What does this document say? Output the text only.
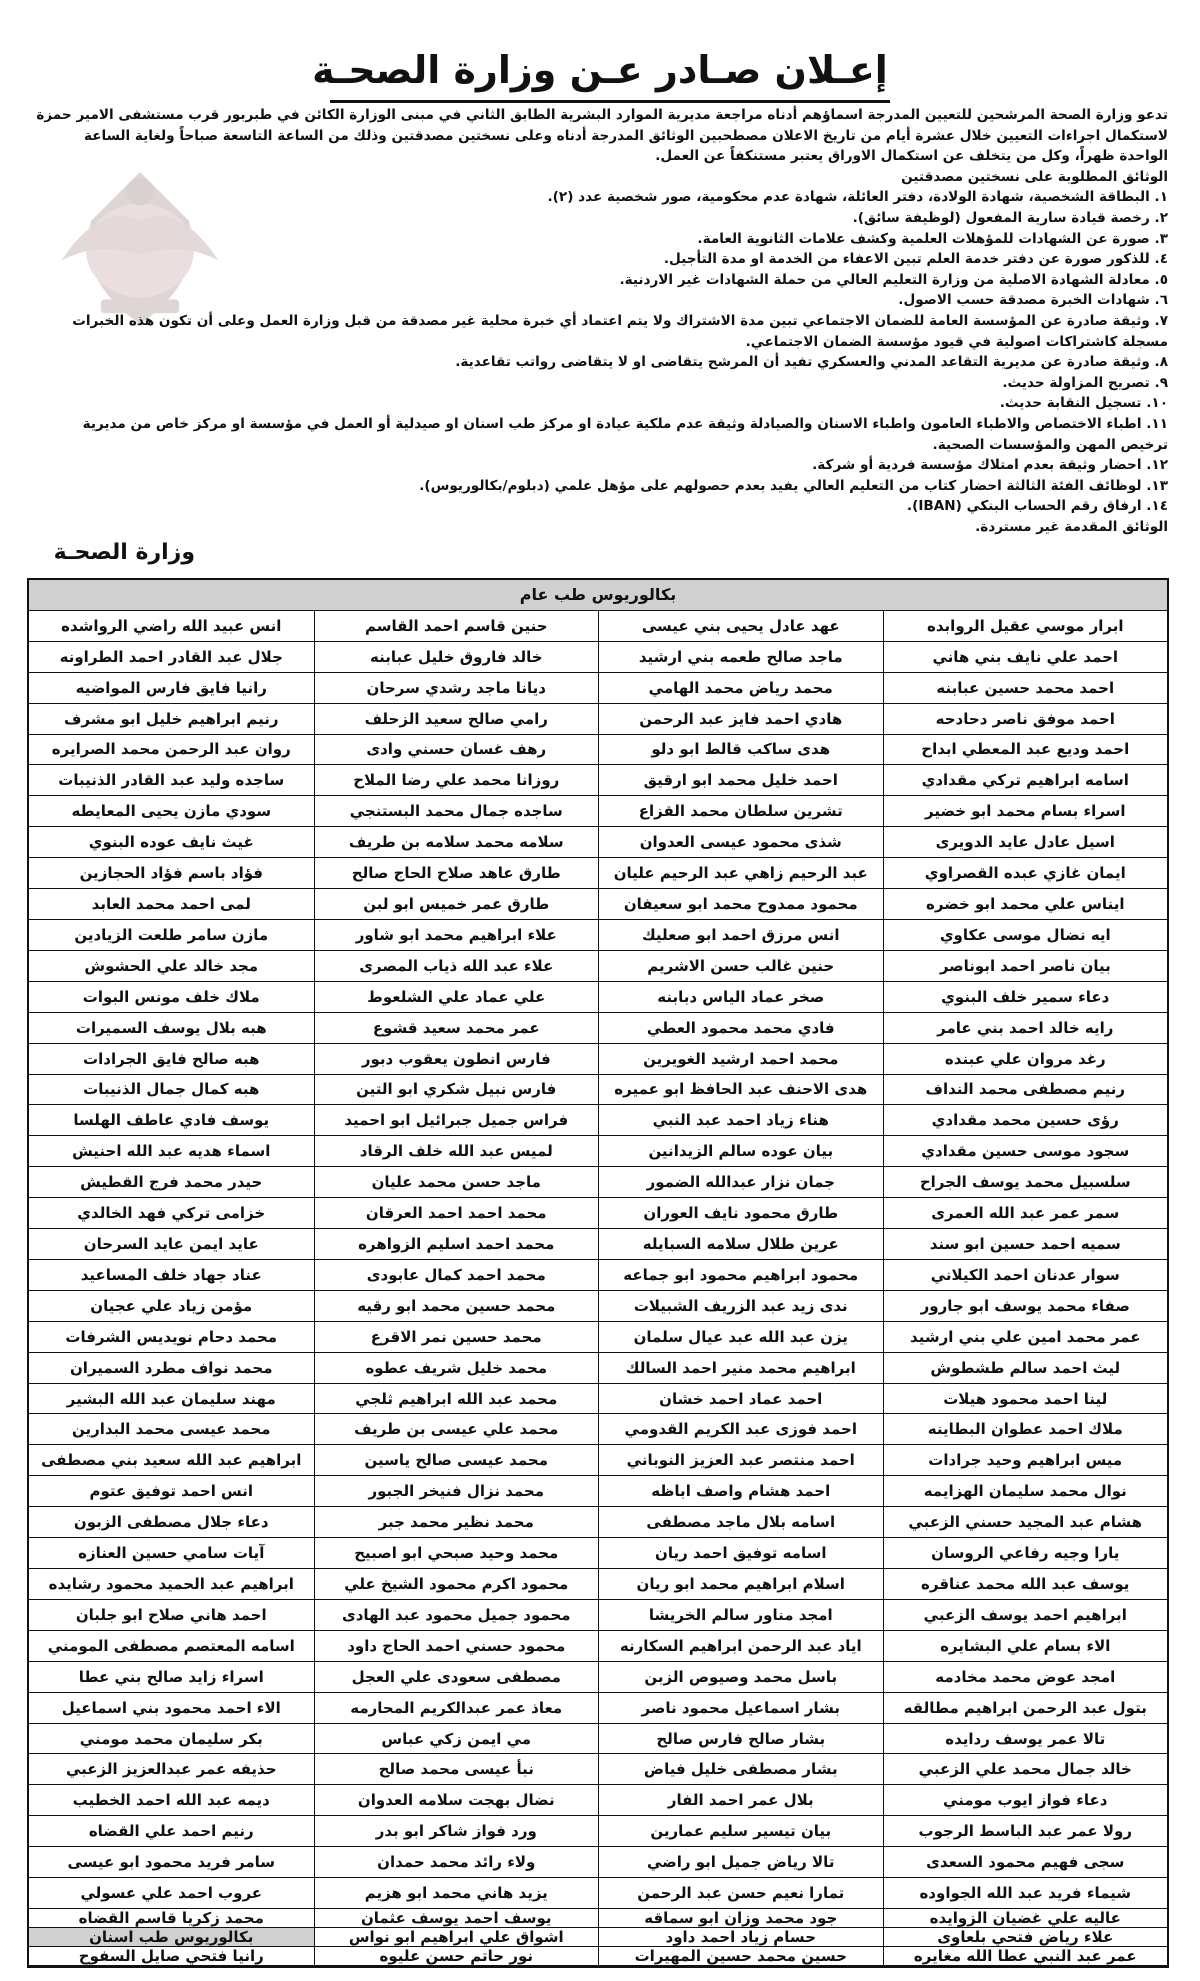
إعـلان صـادر عـن وزارة الصحـة

تدعو وزارة الصحة المرشحين للتعيين المدرجة اسماؤهم أدناه مراجعة مديرية الموارد البشرية الطابق الثاني في مبنى الوزارة الكائن في طبربور قرب مستشفى الامير حمزة

لاستكمال اجراءات التعيين خلال عشرة أيام من تاريخ الاعلان مصطحبين الوثائق المدرجة أدناه وعلى نسختين مصدقتين وذلك من الساعة التاسعة صباحاً ولغاية الساعة

الواحدة ظهراً، وكل من يتخلف عن استكمال الاوراق يعتبر مستنكفاً عن العمل.

الوثائق المطلوبة على نسختين مصدقتين

١. البطاقة الشخصية، شهادة الولادة، دفتر العائلة، شهادة عدم محكومية، صور شخصية عدد (٢).

٢. رخصة قيادة سارية المفعول (لوظيفة سائق).

٣. صورة عن الشهادات للمؤهلات العلمية وكشف علامات الثانوية العامة.

٤. للذكور صورة عن دفتر خدمة العلم تبين الاعفاء من الخدمة او مدة التأجيل.

٥. معادلة الشهادة الاصلية من وزارة التعليم العالي من حملة الشهادات غير الاردنية.

٦. شهادات الخبرة مصدقة حسب الاصول.

٧. وثيقة صادرة عن المؤسسة العامة للضمان الاجتماعي تبين مدة الاشتراك ولا يتم اعتماد أي خبرة محلية غير مصدقة من قبل وزارة العمل وعلى أن تكون هذه الخبرات

مسجلة كاشتراكات اصولية في قيود مؤسسة الضمان الاجتماعي.

٨. وثيقة صادرة عن مديرية التقاعد المدني والعسكري تفيد أن المرشح يتقاضى او لا يتقاضى رواتب تقاعدية.

٩. تصريح المزاولة حديث.

١٠. تسجيل النقابة حديث.

١١. اطباء الاختصاص والاطباء العامون واطباء الاسنان والصيادلة وثيقة عدم ملكية عيادة او مركز طب اسنان او صيدلية أو العمل في مؤسسة او مركز خاص من مديرية

ترخيص المهن والمؤسسات الصحية.

١٢. احضار وثيقة بعدم امتلاك مؤسسة فردية أو شركة.

١٣. لوظائف الفئة الثالثة احضار كتاب من التعليم العالي يفيد بعدم حصولهم على مؤهل علمي (دبلوم/بكالوريوس).

١٤. ارفاق رقم الحساب البنكي (IBAN).

الوثائق المقدمة غير مستردة.

وزارة الصحـة
بكالوريوس طب عام
ابرار موسي عقيل الروابده
عهد عادل يحيى بني عيسى
حنين قاسم احمد القاسم
انس عبيد الله راضي الرواشده
احمد علي نايف بني هاني
ماجد صالح طعمه بني ارشيد
خالد فاروق خليل عبابنه
جلال عبد القادر احمد الطراونه
احمد محمد حسين عبابنه
محمد رياض محمد الهامي
ديانا ماجد رشدي سرحان
رانيا فايق فارس المواضيه
احمد موفق ناصر دحادحه
هادي احمد فايز عبد الرحمن
رامي صالح سعيد الزحلف
رنيم ابراهيم خليل ابو مشرف
احمد وديع عبد المعطي ابداح
هدى ساكب قالط ابو دلو
رهف غسان حسني وادى
روان عبد الرحمن محمد الصرايره
اسامه ابراهيم تركي مقدادي
احمد خليل محمد ابو ارقيق
روزانا محمد علي رضا الملاح
ساجده وليد عبد القادر الذنيبات
اسراء بسام محمد ابو خضير
تشرين سلطان محمد القزاع
ساجده جمال محمد البستنجي
سودي مازن يحيى المعايطه
اسيل عادل عايد الدويرى
شذى محمود عيسى العدوان
سلامه محمد سلامه بن طريف
غيث نايف عوده البنوي
ايمان غازي عبده القصراوي
عبد الرحيم زاهي عبد الرحيم عليان
طارق عاهد صلاح الحاج صالح
فؤاد باسم فؤاد الحجازين
ايناس علي محمد ابو خضره
محمود ممدوح محمد ابو سعيفان
طارق عمر خميس ابو لبن
لمى احمد محمد العابد
ايه نضال موسى عكاوي
انس مرزق احمد ابو صعليك
علاء ابراهيم محمد ابو شاور
مازن سامر طلعت الزيادين
بيان ناصر احمد ابوناصر
حنين غالب حسن الاشريم
علاء عبد الله ذياب المصرى
مجد خالد علي الحشوش
دعاء سمير خلف البنوي
صخر عماد الياس دبابنه
علي عماد علي الشلعوط
ملاك خلف مونس البوات
رايه خالد احمد بني عامر
فادي محمد محمود العطي
عمر محمد سعيد قشوع
هبه بلال يوسف السميرات
رغد مروان علي عبنده
محمد احمد ارشيد الغويرين
فارس انطون يعقوب دبور
هبه صالح فايق الجرادات
رنيم مصطفى محمد النداف
هدى الاحنف عبد الحافظ ابو عميره
فارس نبيل شكري ابو التين
هبه كمال جمال الذنيبات
رؤى حسين محمد مقدادي
هناء زياد احمد عبد النبي
فراس جميل جبرائيل ابو احميد
يوسف فادي عاطف الهلسا
سجود موسى حسين مقدادي
بيان عوده سالم الزيدانين
لميس عبد الله خلف الرقاد
اسماء هديه عبد الله احنيش
سلسبيل محمد يوسف الجراح
جمان نزار عبدالله الضمور
ماجد حسن محمد عليان
حيدر محمد فرج القطيش
سمر عمر عبد الله العمرى
طارق محمود نايف العوران
محمد احمد احمد العرقان
خزامى تركي فهد الخالدي
سميه احمد حسين ابو سند
عرين طلال سلامه السبايله
محمد احمد اسليم الزواهره
عايد ايمن عايد السرحان
سوار عدنان احمد الكيلاني
محمود ابراهيم محمود ابو جماعه
محمد احمد كمال عابودى
عناد جهاد خلف المساعيد
صفاء محمد يوسف ابو جارور
ندى زيد عبد الزريف الشبيلات
محمد حسين محمد ابو رقيه
مؤمن زياد علي عجيان
عمر محمد امين علي بني ارشيد
يزن عبد الله عبد عيال سلمان
محمد حسين نمر الاقرع
محمد دحام نويديس الشرفات
ليث احمد سالم طشطوش
ابراهيم محمد منير احمد السالك
محمد خليل شريف عطوه
محمد نواف مطرد السميران
لينا احمد محمود هيلات
احمد عماد احمد خشان
محمد عبد الله ابراهيم ثلجي
مهند سليمان عبد الله البشير
ملاك احمد عطوان البطاينه
احمد فوزى عبد الكريم القدومي
محمد علي عيسى بن طريف
محمد عيسى محمد البدارين
ميس ابراهيم وحيد جرادات
احمد منتصر عبد العزيز النوباني
محمد عيسى صالح ياسين
ابراهيم عبد الله سعيد بني مصطفى
نوال محمد سليمان الهزايمه
احمد هشام واصف اباظه
محمد نزال فنيخر الجبور
انس احمد توفيق عتوم
هشام عبد المجيد حسني الزعبي
اسامه بلال ماجد مصطفى
محمد نظير محمد جبر
دعاء جلال مصطفى الزبون
يارا وجيه رفاعي الروسان
اسامه توفيق احمد ريان
محمد وحيد صبحي ابو اصبيح
آيات سامي حسين العنازه
يوسف عبد الله محمد عناقره
اسلام ابراهيم محمد ابو ريان
محمود اكرم محمود الشيخ علي
ابراهيم عبد الحميد محمود رشايده
ابراهيم احمد يوسف الزعبي
امجد مناور سالم الخريشا
محمود جميل محمود عبد الهادى
احمد هاني صلاح ابو جلبان
الاء بسام علي البشايره
اياد عبد الرحمن ابراهيم السكارنه
محمود حسني احمد الحاج داود
اسامه المعتصم مصطفى المومني
امجد عوض محمد مخادمه
باسل محمد وصيوص الزبن
مصطفى سعودى علي العجل
اسراء زايد صالح بني عطا
بتول عبد الرحمن ابراهيم مطالقه
بشار اسماعيل محمود ناصر
معاذ عمر عبدالكريم المحارمه
الاء احمد محمود بني اسماعيل
تالا عمر يوسف ردايده
بشار صالح فارس صالح
مي ايمن زكي عباس
بكر سليمان محمد مومني
خالد جمال محمد علي الزعبي
بشار مصطفى خليل فياض
نبأ عيسى محمد صالح
حذيفه عمر عبدالعزيز الزعبي
دعاء فواز ايوب مومني
بلال عمر احمد الفار
نضال بهجت سلامه العدوان
ديمه عبد الله احمد الخطيب
رولا عمر عبد الباسط الرجوب
بيان تيسير سليم عمارين
ورد فواز شاكر ابو بدر
رنيم احمد علي القضاه
سجى فهيم محمود السعدى
تالا رياض جميل ابو راضي
ولاء رائد محمد حمدان
سامر فريد محمود ابو عيسى
شيماء فريد عبد الله الجواوده
تمارا نعيم حسن عبد الرحمن
يزيد هاني محمد ابو هزيم
عروب احمد علي عسولي
عاليه علي غضيان الزوايده
جود محمد وزان ابو سماقه
يوسف احمد يوسف عثمان
محمد زكريا قاسم القضاه
علاء رياض فتحي بلعاوى
حسام زياد احمد داود
اشواق علي ابراهيم ابو نواس
بكالوريوس طب اسنان
عمر عبد النبي عطا الله مغايره
حسين محمد حسين المهيرات
نور حاتم حسن عليوه
رانيا فتحي صايل السفوح
